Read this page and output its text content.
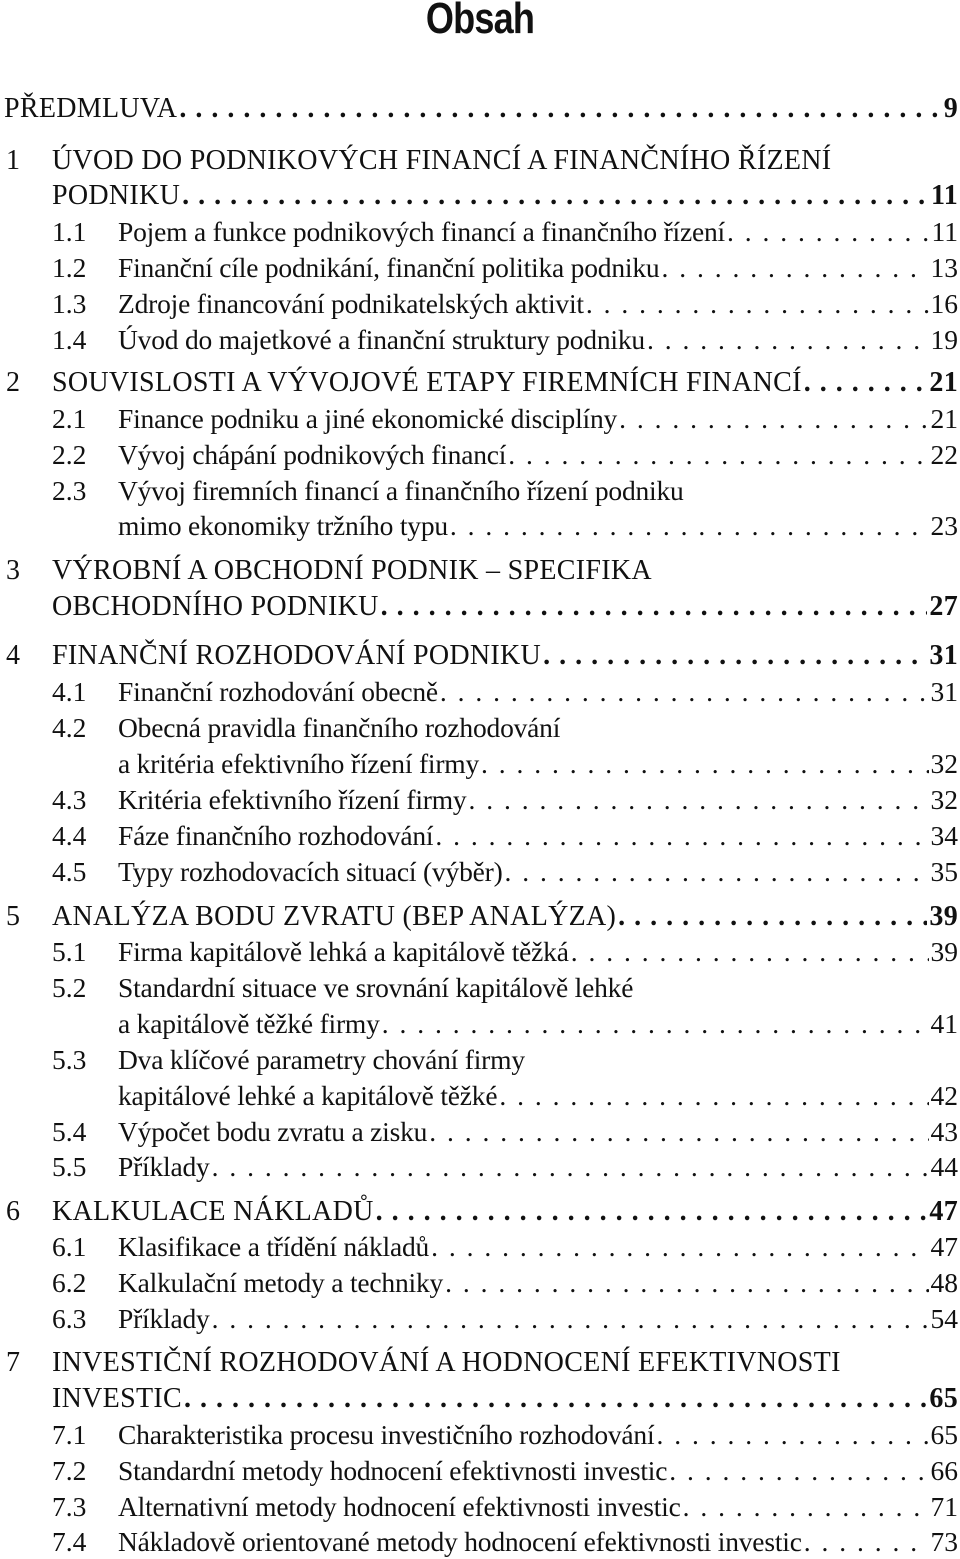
Obsah
PŘEDMLUVA . . .	9
1 ÚVOD DO PODNIKOVÝCH FINANCÍ A FINANČNÍHO ŘÍZENÍ
PODNIKU . . .	11
1.1 Pojem a funkce podnikových financí a finančního řízení . . .	11
1.2 Finanční cíle podnikání, finanční politika podniku . . .	13
1.3 Zdroje financování podnikatelských aktivit . . .	16
1.4 Úvod do majetkové a finanční struktury podniku . . .	19
2 SOUVISLOSTI A VÝVOJOVÉ ETAPY FIREMNÍCH FINANCÍ . . .	21
2.1 Finance podniku a jiné ekonomické disciplíny . . .	21
2.2 Vývoj chápání podnikových financí . . .	22
2.3 Vývoj firemních financí a finančního řízení podniku
mimo ekonomiky tržního typu . . .	23
3 VÝROBNÍ A OBCHODNÍ PODNIK – SPECIFIKA
OBCHODNÍHO PODNIKU . . .	27
4 FINANČNÍ ROZHODOVÁNÍ PODNIKU . . .	31
4.1 Finanční rozhodování obecně . . .	31
4.2 Obecná pravidla finančního rozhodování
a kritéria efektivního řízení firmy . . .	32
4.3 Kritéria efektivního řízení firmy . . .	32
4.4 Fáze finančního rozhodování . . .	34
4.5 Typy rozhodovacích situací (výběr) . . .	35
5 ANALÝZA BODU ZVRATU (BEP ANALÝZA) . . .	39
5.1 Firma kapitálově lehká a kapitálově těžká . . .	39
5.2 Standardní situace ve srovnání kapitálově lehké
a kapitálově těžké firmy . . .	41
5.3 Dva klíčové parametry chování firmy
kapitálové lehké a kapitálově těžké . . .	42
5.4 Výpočet bodu zvratu a zisku . . .	43
5.5 Příklady . . .	44
6 KALKULACE NÁKLADŮ . . .	47
6.1 Klasifikace a třídění nákladů . . .	47
6.2 Kalkulační metody a techniky . . .	48
6.3 Příklady . . .	54
7 INVESTIČNÍ ROZHODOVÁNÍ A HODNOCENÍ EFEKTIVNOSTI
INVESTIC . . .	65
7.1 Charakteristika procesu investičního rozhodování . . .	65
7.2 Standardní metody hodnocení efektivnosti investic . . .	66
7.3 Alternativní metody hodnocení efektivnosti investic . . .	71
7.4 Nákladově orientované metody hodnocení efektivnosti investic . . .	73
